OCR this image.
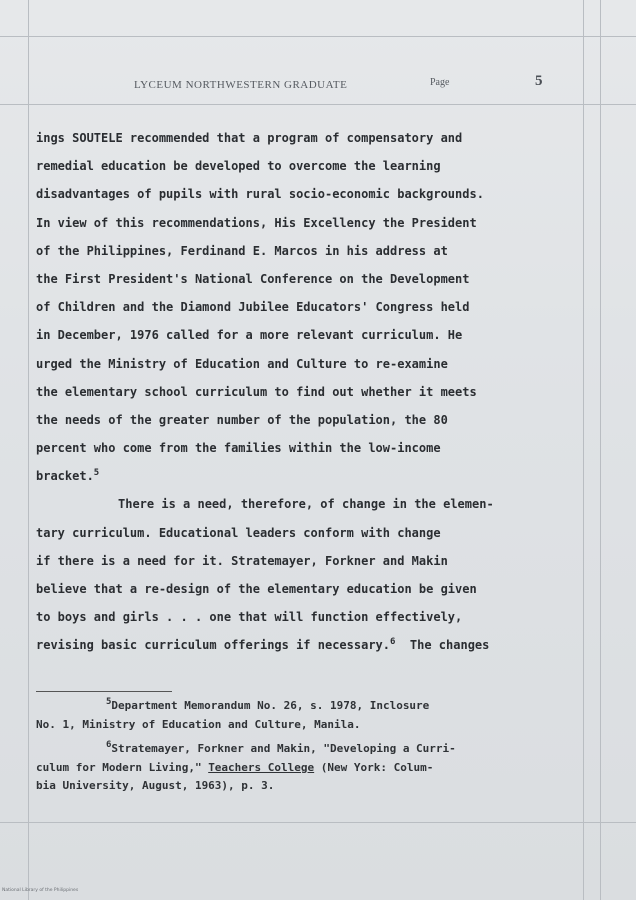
LYCEUM NORTHWESTERN GRADUATE	Page	5
ings SOUTELE recommended that a program of compensatory and
remedial education be developed to overcome the learning
disadvantages of pupils with rural socio-economic backgrounds.
In view of this recommendations, His Excellency the President
of the Philippines, Ferdinand E. Marcos in his address at
the First President's National Conference on the Development
of Children and the Diamond Jubilee Educators' Congress held
in December, 1976 called for a more relevant curriculum. He
urged the Ministry of Education and Culture to re-examine
the elementary school curriculum to find out whether it meets
the needs of the greater number of the population, the 80
percent who come from the families within the low-income
bracket.$^5$
There is a need, therefore, of change in the elemen-
tary curriculum. Educational leaders conform with change
if there is a need for it. Stratemayer, Forkner and Makin
believe that a re-design of the elementary education be given
to boys and girls . . . one that will function effectively,
revising basic curriculum offerings if necessary.$^6$ The changes
$^5$Department Memorandum No. 26, s. 1978, Inclosure
No. 1, Ministry of Education and Culture, Manila.
$^6$Stratemayer, Forkner and Makin, "Developing a Curri-
culum for Modern Living," Teachers College (New York: Colum-
bia University, August, 1963), p. 3.
National Library of the Philippines
